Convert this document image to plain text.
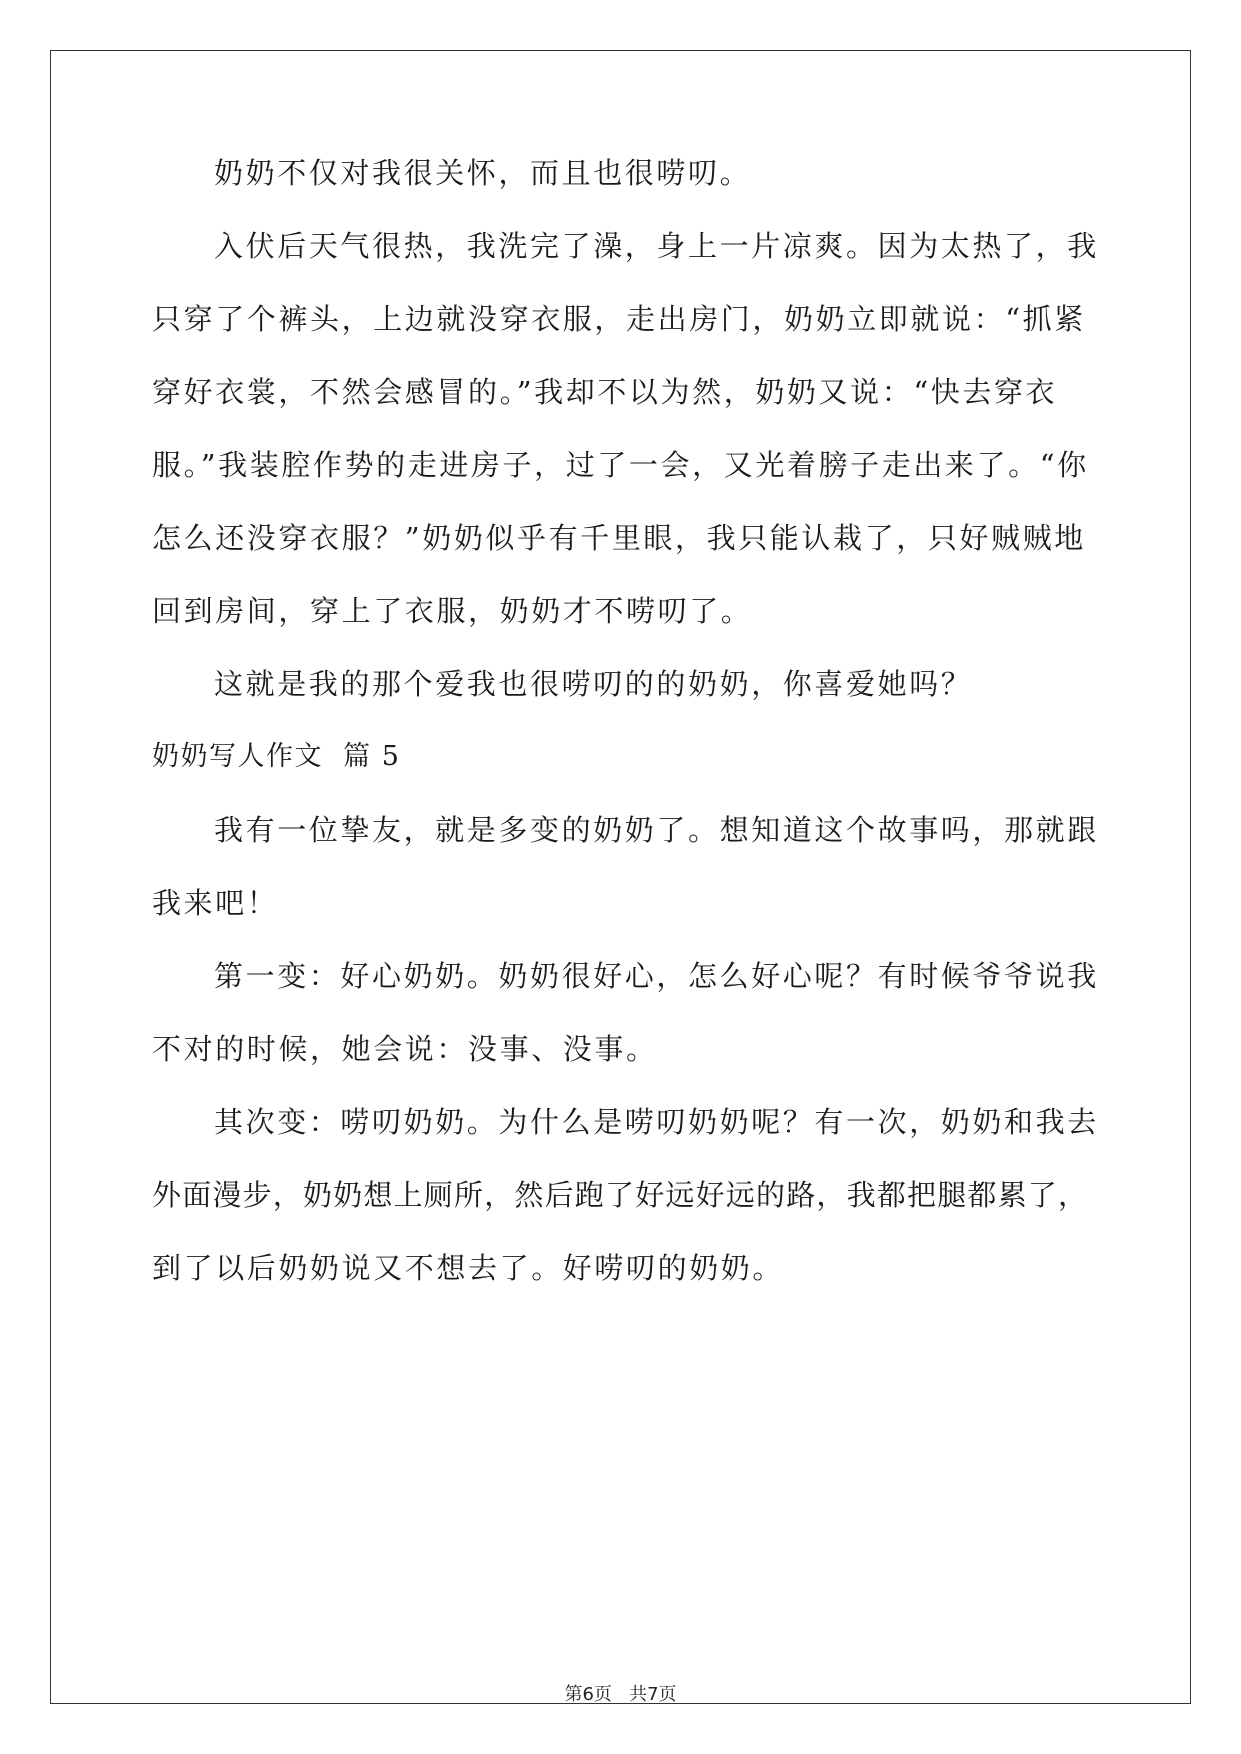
奶奶不仅对我很关怀，而且也很唠叨。
入伏后天气很热，我洗完了澡，身上一片凉爽。因为太热了，我
只穿了个裤头，上边就没穿衣服，走出房门，奶奶立即就说：“抓紧
穿好衣裳，不然会感冒的。”我却不以为然，奶奶又说：“快去穿衣
服。”我装腔作势的走进房子，过了一会，又光着膀子走出来了。“你
怎么还没穿衣服？”奶奶似乎有千里眼，我只能认栽了，只好贼贼地
回到房间，穿上了衣服，奶奶才不唠叨了。
这就是我的那个爱我也很唠叨的的奶奶，你喜爱她吗？
奶奶写人作文  篇 5
我有一位挚友，就是多变的奶奶了。想知道这个故事吗，那就跟
我来吧！
第一变：好心奶奶。奶奶很好心，怎么好心呢？有时候爷爷说我
不对的时候，她会说：没事、没事。
其次变：唠叨奶奶。为什么是唠叨奶奶呢？有一次，奶奶和我去
外面漫步，奶奶想上厕所，然后跑了好远好远的路，我都把腿都累了，
到了以后奶奶说又不想去了。好唠叨的奶奶。
第6页   共7页
